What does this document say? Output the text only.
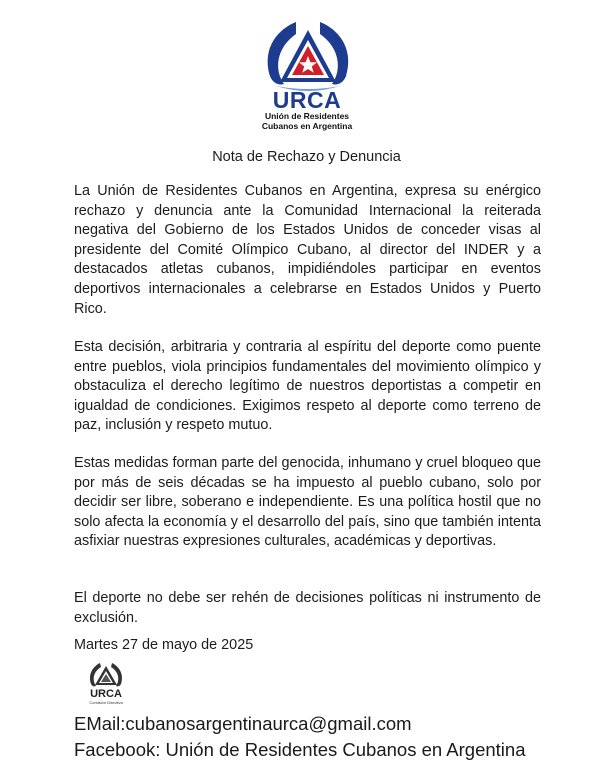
URCA
Unión de Residentes
Cubanos en Argentina
Nota de Rechazo y Denuncia

La Unión de Residentes Cubanos en Argentina, expresa su enérgico rechazo y denuncia ante la Comunidad Internacional la reiterada negativa del Gobierno de los Estados Unidos de conceder visas al presidente del Comité Olímpico Cubano, al director del INDER y a destacados atletas cubanos, impidiéndoles participar en eventos deportivos internacionales a celebrarse en Estados Unidos y Puerto Rico.

Esta decisión, arbitraria y contraria al espíritu del deporte como puente entre pueblos, viola principios fundamentales del movimiento olímpico y obstaculiza el derecho legítimo de nuestros deportistas a competir en igualdad de condiciones. Exigimos respeto al deporte como terreno de paz, inclusión y respeto mutuo.

Estas medidas forman parte del genocida, inhumano y cruel bloqueo que por más de seis décadas se ha impuesto al pueblo cubano, solo por decidir ser libre, soberano e independiente. Es una política hostil que no solo afecta la economía y el desarrollo del país, sino que también intenta asfixiar nuestras expresiones culturales, académicas y deportivas.

El deporte no debe ser rehén de decisiones políticas ni instrumento de exclusión.

Martes 27 de mayo de 2025
URCA
Comisión Directiva
EMail:cubanosargentinaurca@gmail.com
Facebook: Unión de Residentes Cubanos en Argentina
